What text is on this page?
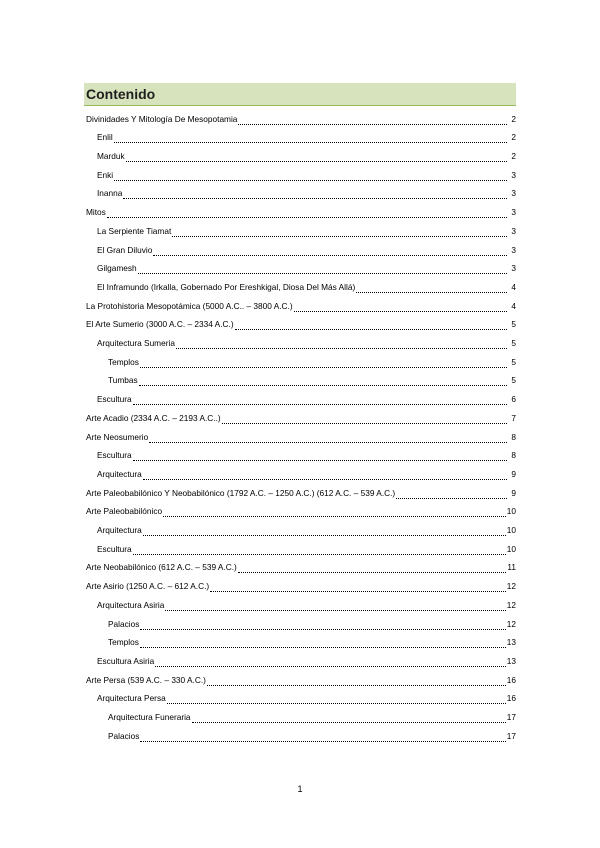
Contenido
Divinidades Y Mitología De Mesopotamia	2
Enlil	2
Marduk	2
Enki	3
Inanna	3
Mitos	3
La Serpiente Tiamat	3
El Gran Diluvio	3
Gilgamesh	3
El Inframundo (Irkalla, Gobernado Por Ereshkigal, Diosa Del Más Allá)	4
La Protohistoria Mesopotámica (5000 A.C.. – 3800 A.C.)	4
El Arte Sumerio (3000 A.C. – 2334 A.C.)	5
Arquitectura Sumeria	5
Templos	5
Tumbas	5
Escultura	6
Arte Acadio (2334 A.C. – 2193 A.C..)	7
Arte Neosumerio	8
Escultura	8
Arquitectura	9
Arte Paleobabilónico Y Neobabilónico (1792 A.C. – 1250 A.C.) (612 A.C. – 539 A.C.)	9
Arte Paleobabilónico	10
Arquitectura	10
Escultura	10
Arte Neobabilónico (612 A.C. – 539 A.C.)	11
Arte Asirio (1250 A.C. – 612 A.C.)	12
Arquitectura Asiria	12
Palacios	12
Templos	13
Escultura Asiria	13
Arte Persa (539 A.C. – 330 A.C.)	16
Arquitectura Persa	16
Arquitectura Funeraria	17
Palacios	17
1
